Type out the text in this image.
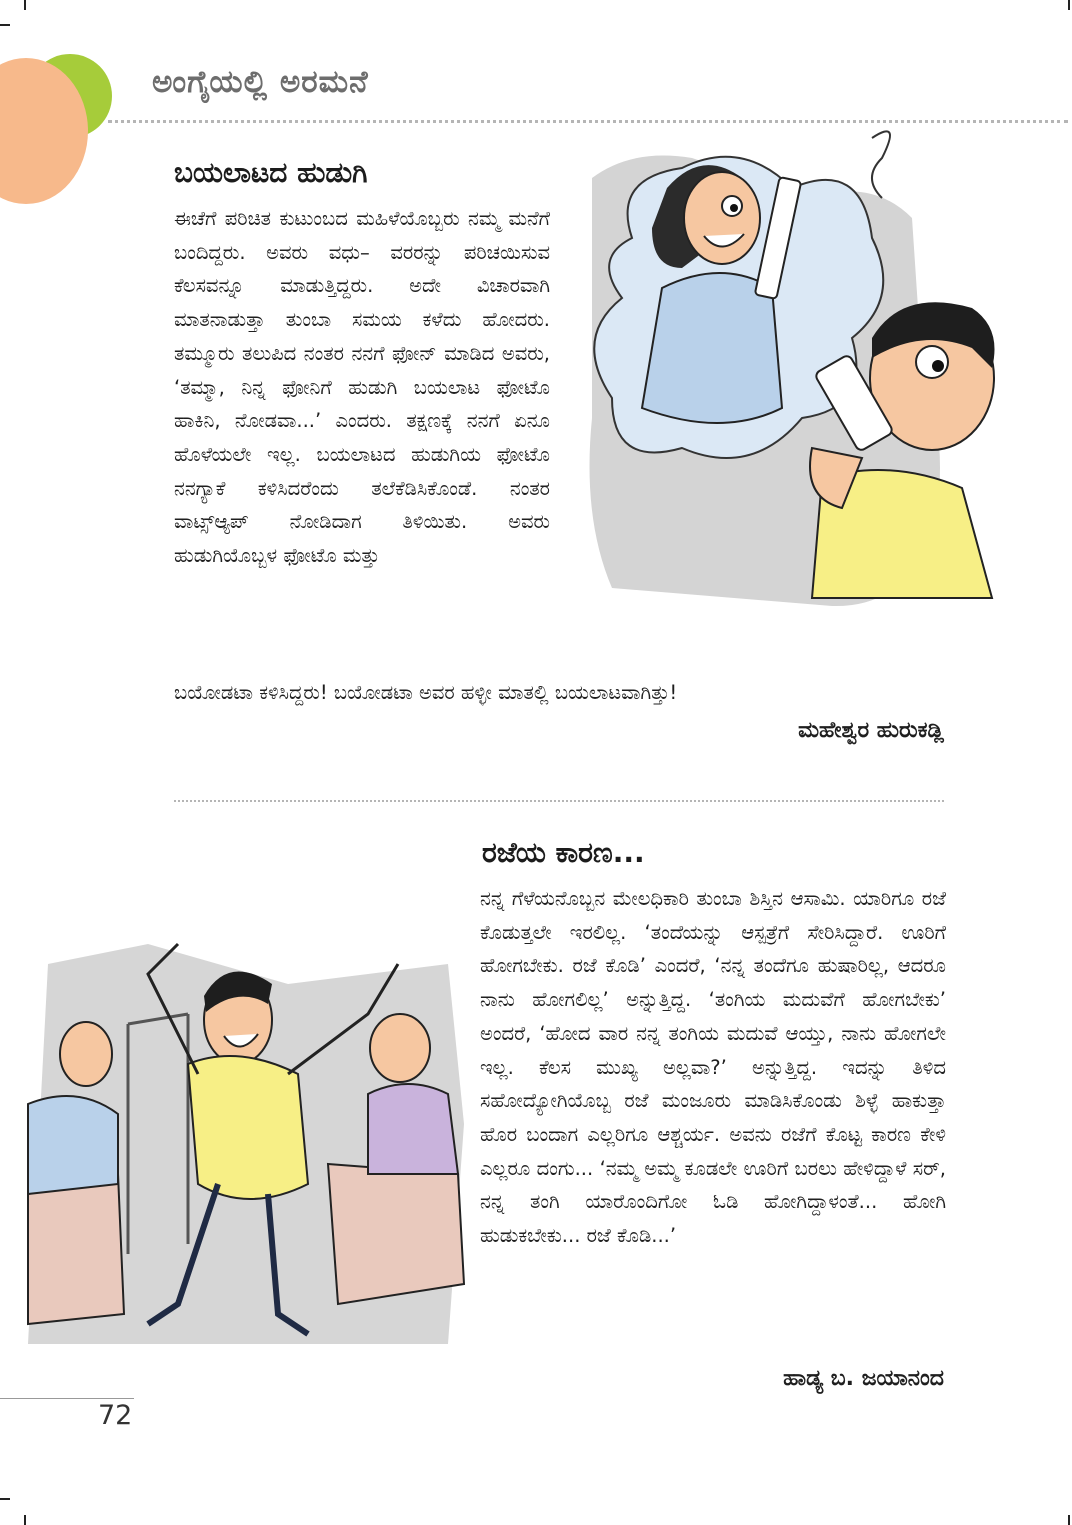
ಅಂಗೈಯಲ್ಲಿ ಅರಮನೆ
ಬಯಲಾಟದ ಹುಡುಗಿ

ಈಚೆಗೆ ಪರಿಚಿತ ಕುಟುಂಬದ ಮಹಿಳೆಯೊಬ್ಬರು ನಮ್ಮ ಮನೆಗೆ ಬಂದಿದ್ದರು. ಅವರು ವಧು– ವರರನ್ನು ಪರಿಚಯಿಸುವ ಕೆಲಸವನ್ನೂ ಮಾಡುತ್ತಿದ್ದರು. ಅದೇ ವಿಚಾರವಾಗಿ ಮಾತನಾಡುತ್ತಾ ತುಂಬಾ ಸಮಯ ಕಳೆದು ಹೋದರು. ತಮ್ಮೂರು ತಲುಪಿದ ನಂತರ ನನಗೆ ಫೋನ್ ಮಾಡಿದ ಅವರು, ‘ತಮ್ಮಾ, ನಿನ್ನ ಫೋನಿಗೆ ಹುಡುಗಿ ಬಯಲಾಟ ಫೋಟೊ ಹಾಕಿನಿ, ನೋಡವಾ...’ ಎಂದರು. ತಕ್ಷಣಕ್ಕೆ ನನಗೆ ಏನೂ ಹೊಳೆಯಲೇ ಇಲ್ಲ. ಬಯಲಾಟದ ಹುಡುಗಿಯ ಫೋಟೊ ನನಗ್ಯಾಕೆ ಕಳಿಸಿದರೆಂದು ತಲೆಕೆಡಿಸಿಕೊಂಡೆ. ನಂತರ ವಾಟ್ಸ್ಆ್ಯಪ್ ನೋಡಿದಾಗ ತಿಳಿಯಿತು. ಅವರು ಹುಡುಗಿಯೊಬ್ಬಳ ಫೋಟೊ ಮತ್ತು

ಬಯೋಡಟಾ ಕಳಿಸಿದ್ದರು! ಬಯೋಡಟಾ ಅವರ ಹಳ್ಳೀ ಮಾತಲ್ಲಿ ಬಯಲಾಟವಾಗಿತ್ತು!
ಮಹೇಶ್ವರ ಹುರುಕಡ್ಲಿ
ರಜೆಯ ಕಾರಣ...

ನನ್ನ ಗೆಳೆಯನೊಬ್ಬನ ಮೇಲಧಿಕಾರಿ ತುಂಬಾ ಶಿಸ್ತಿನ ಆಸಾಮಿ. ಯಾರಿಗೂ ರಜೆ ಕೊಡುತ್ತಲೇ ಇರಲಿಲ್ಲ. ‘ತಂದೆಯನ್ನು ಆಸ್ಪತ್ರೆಗೆ ಸೇರಿಸಿದ್ದಾರೆ. ಊರಿಗೆ ಹೋಗಬೇಕು. ರಜೆ ಕೊಡಿ’ ಎಂದರೆ, ‘ನನ್ನ ತಂದೆಗೂ ಹುಷಾರಿಲ್ಲ, ಆದರೂ ನಾನು ಹೋಗಲಿಲ್ಲ’ ಅನ್ನುತ್ತಿದ್ದ. ‘ತಂಗಿಯ ಮದುವೆಗೆ ಹೋಗಬೇಕು’ ಅಂದರೆ, ‘ಹೋದ ವಾರ ನನ್ನ ತಂಗಿಯ ಮದುವೆ ಆಯ್ತು, ನಾನು ಹೋಗಲೇ ಇಲ್ಲ. ಕೆಲಸ ಮುಖ್ಯ ಅಲ್ಲವಾ?’ ಅನ್ನುತ್ತಿದ್ದ. ಇದನ್ನು ತಿಳಿದ ಸಹೋದ್ಯೋಗಿಯೊಬ್ಬ ರಜೆ ಮಂಜೂರು ಮಾಡಿಸಿಕೊಂಡು ಶಿಳ್ಳೆ ಹಾಕುತ್ತಾ ಹೊರ ಬಂದಾಗ ಎಲ್ಲರಿಗೂ ಆಶ್ಚರ್ಯ. ಅವನು ರಜೆಗೆ ಕೊಟ್ಟ ಕಾರಣ ಕೇಳಿ ಎಲ್ಲರೂ ದಂಗು... ‘ನಮ್ಮ ಅಮ್ಮ ಕೂಡಲೇ ಊರಿಗೆ ಬರಲು ಹೇಳಿದ್ದಾಳೆ ಸರ್, ನನ್ನ ತಂಗಿ ಯಾರೊಂದಿಗೋ ಓಡಿ ಹೋಗಿದ್ದಾಳಂತೆ... ಹೋಗಿ ಹುಡುಕಬೇಕು... ರಜೆ ಕೊಡಿ...’

ಹಾಡ್ಯ ಬ. ಜಯಾನಂದ
72
